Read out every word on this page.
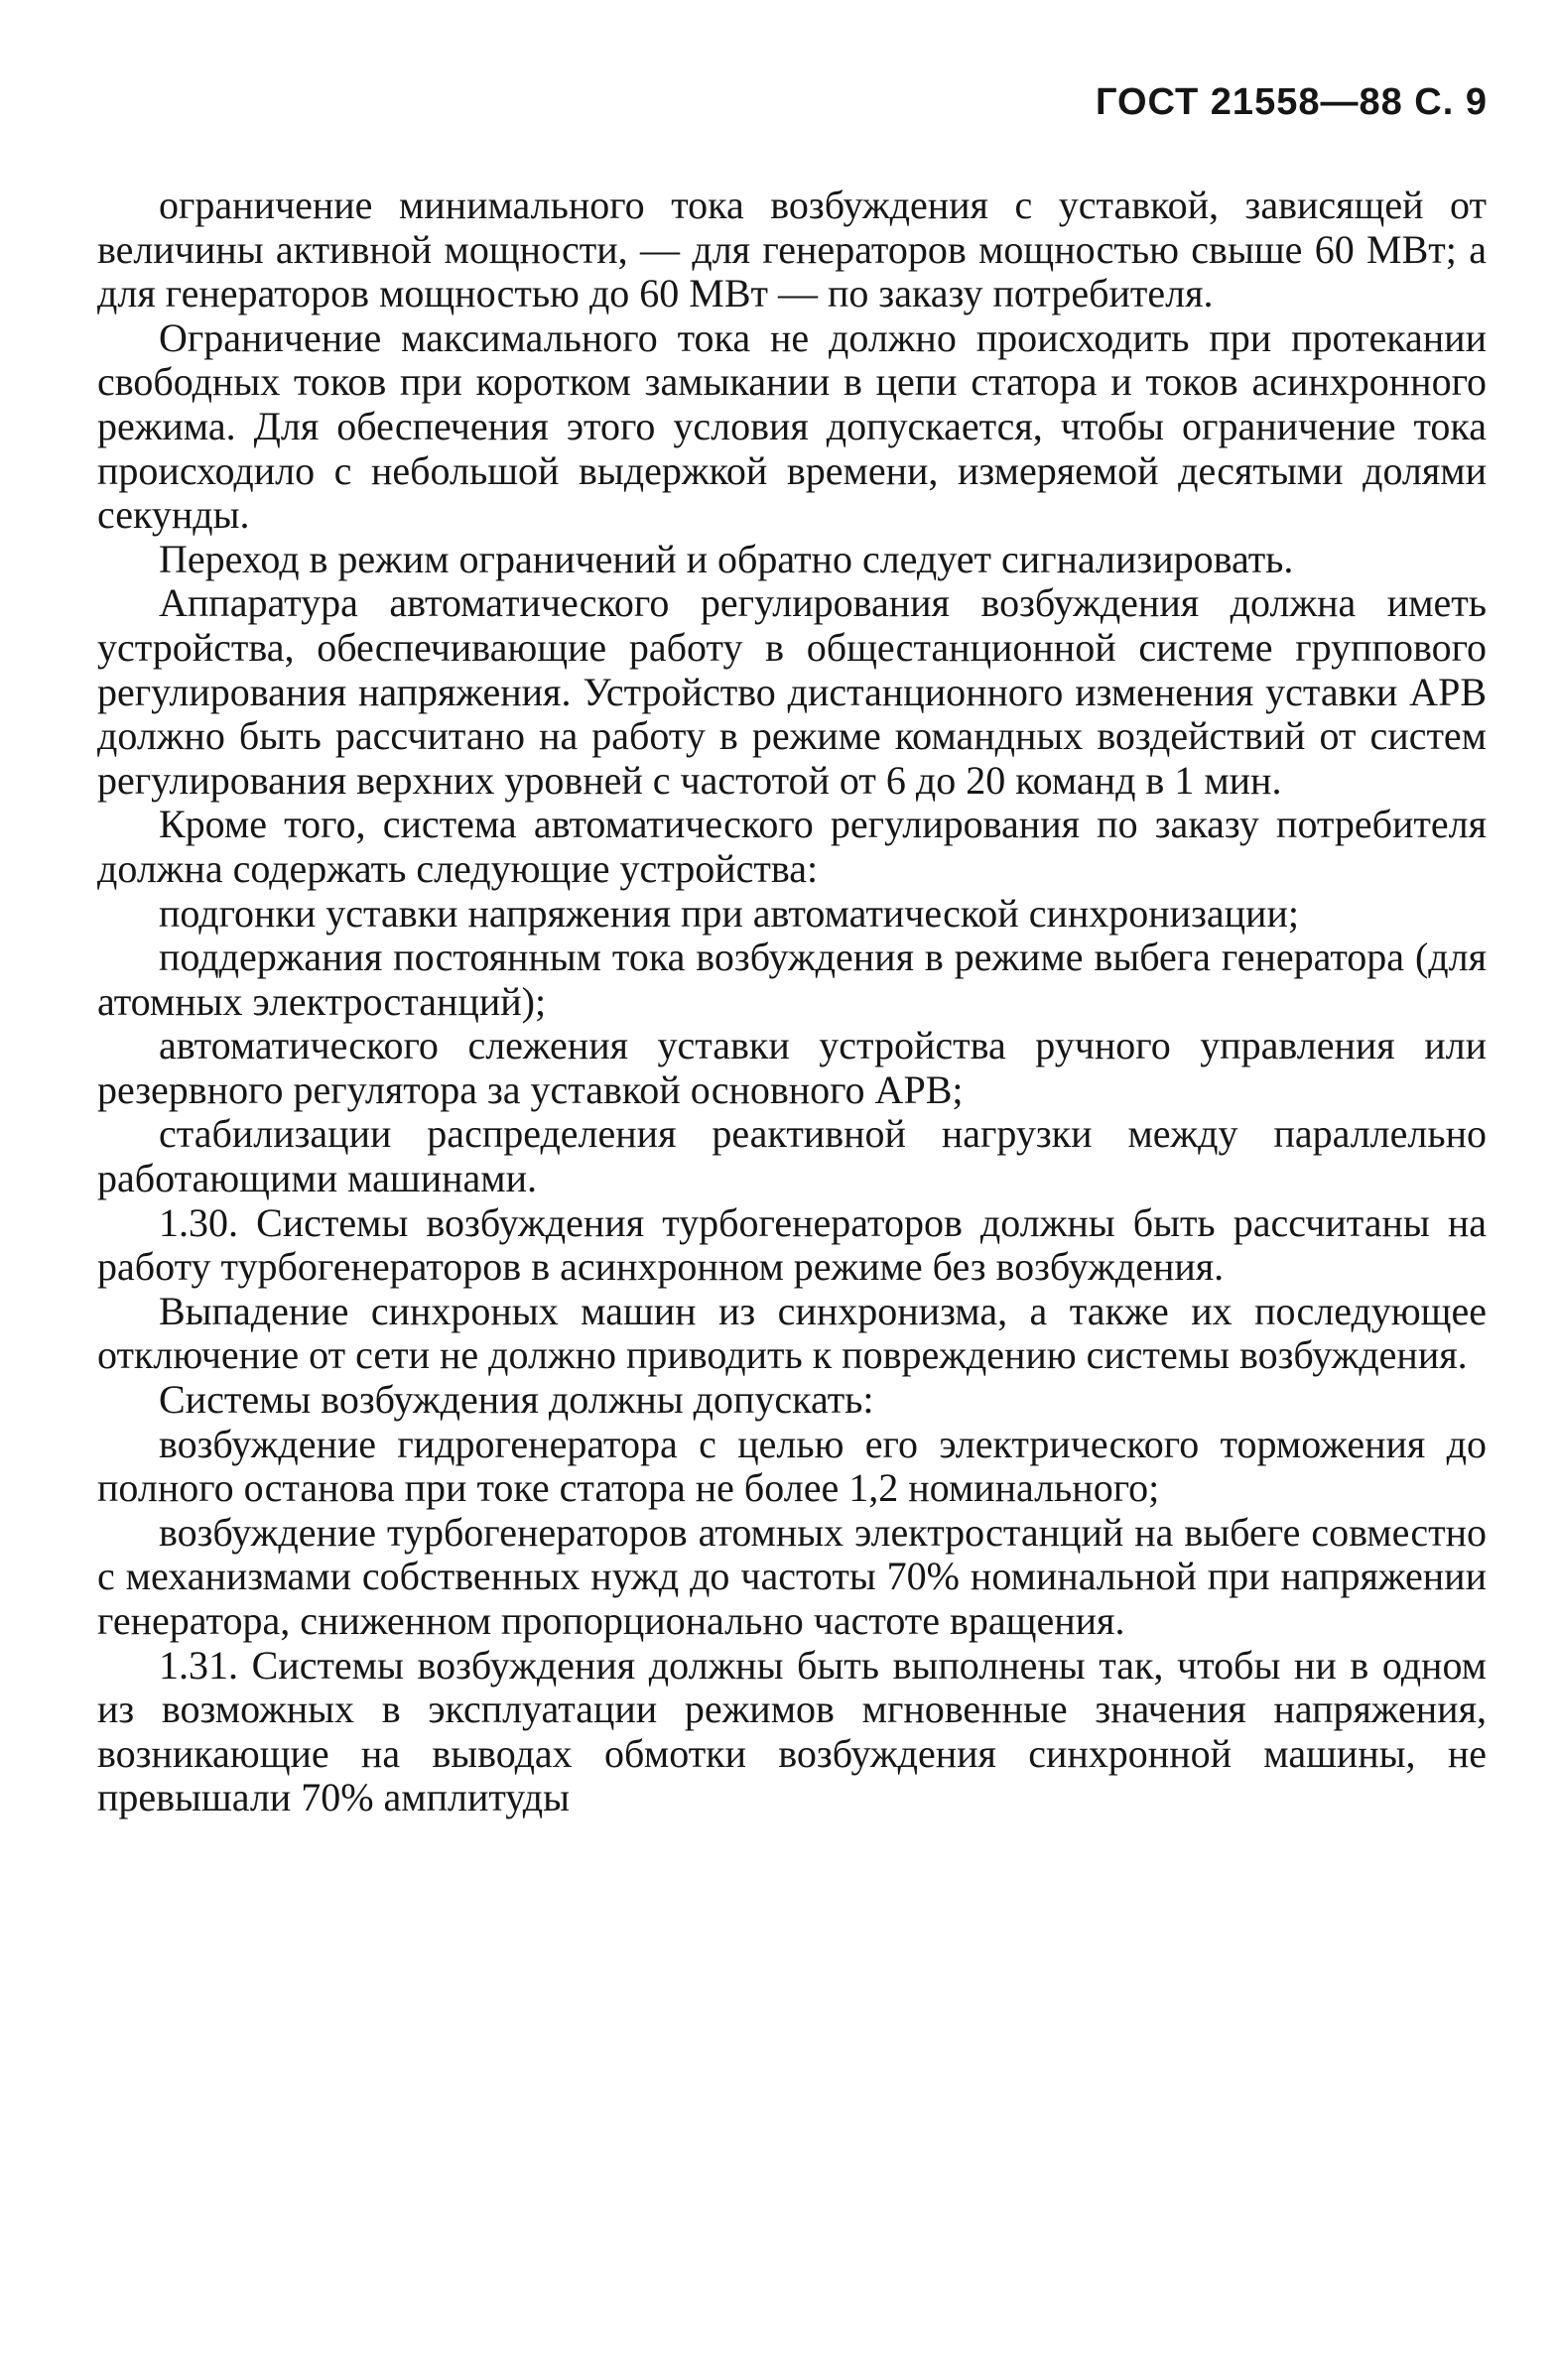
ГОСТ 21558—88 С. 9

ограничение минимального тока возбуждения с уставкой, зависящей от величины активной мощности, — для генераторов мощностью свыше 60 МВт; а для генераторов мощностью до 60 МВт — по заказу потребителя.

Ограничение максимального тока не должно происходить при протекании свободных токов при коротком замыкании в цепи статора и токов асинхронного режима. Для обеспечения этого условия допускается, чтобы ограничение тока происходило с небольшой выдержкой времени, измеряемой десятыми долями секунды.

Переход в режим ограничений и обратно следует сигнализировать.

Аппаратура автоматического регулирования возбуждения должна иметь устройства, обеспечивающие работу в общестанционной системе группового регулирования напряжения. Устройство дистанционного изменения уставки АРВ должно быть рассчитано на работу в режиме командных воздействий от систем регулирования верхних уровней с частотой от 6 до 20 команд в 1 мин.

Кроме того, система автоматического регулирования по заказу потребителя должна содержать следующие устройства:

подгонки уставки напряжения при автоматической синхронизации;

поддержания постоянным тока возбуждения в режиме выбега генератора (для атомных электростанций);

автоматического слежения уставки устройства ручного управления или резервного регулятора за уставкой основного АРВ;

стабилизации распределения реактивной нагрузки между параллельно работающими машинами.

1.30. Системы возбуждения турбогенераторов должны быть рассчитаны на работу турбогенераторов в асинхронном режиме без возбуждения.

Выпадение синхроных машин из синхронизма, а также их последующее отключение от сети не должно приводить к повреждению системы возбуждения.

Системы возбуждения должны допускать:

возбуждение гидрогенератора с целью его электрического торможения до полного останова при токе статора не более 1,2 номинального;

возбуждение турбогенераторов атомных электростанций на выбеге совместно с механизмами собственных нужд до частоты 70% номинальной при напряжении генератора, сниженном пропорционально частоте вращения.

1.31. Системы возбуждения должны быть выполнены так, чтобы ни в одном из возможных в эксплуатации режимов мгновенные значения напряжения, возникающие на выводах обмотки возбуждения синхронной машины, не превышали 70% амплитуды
